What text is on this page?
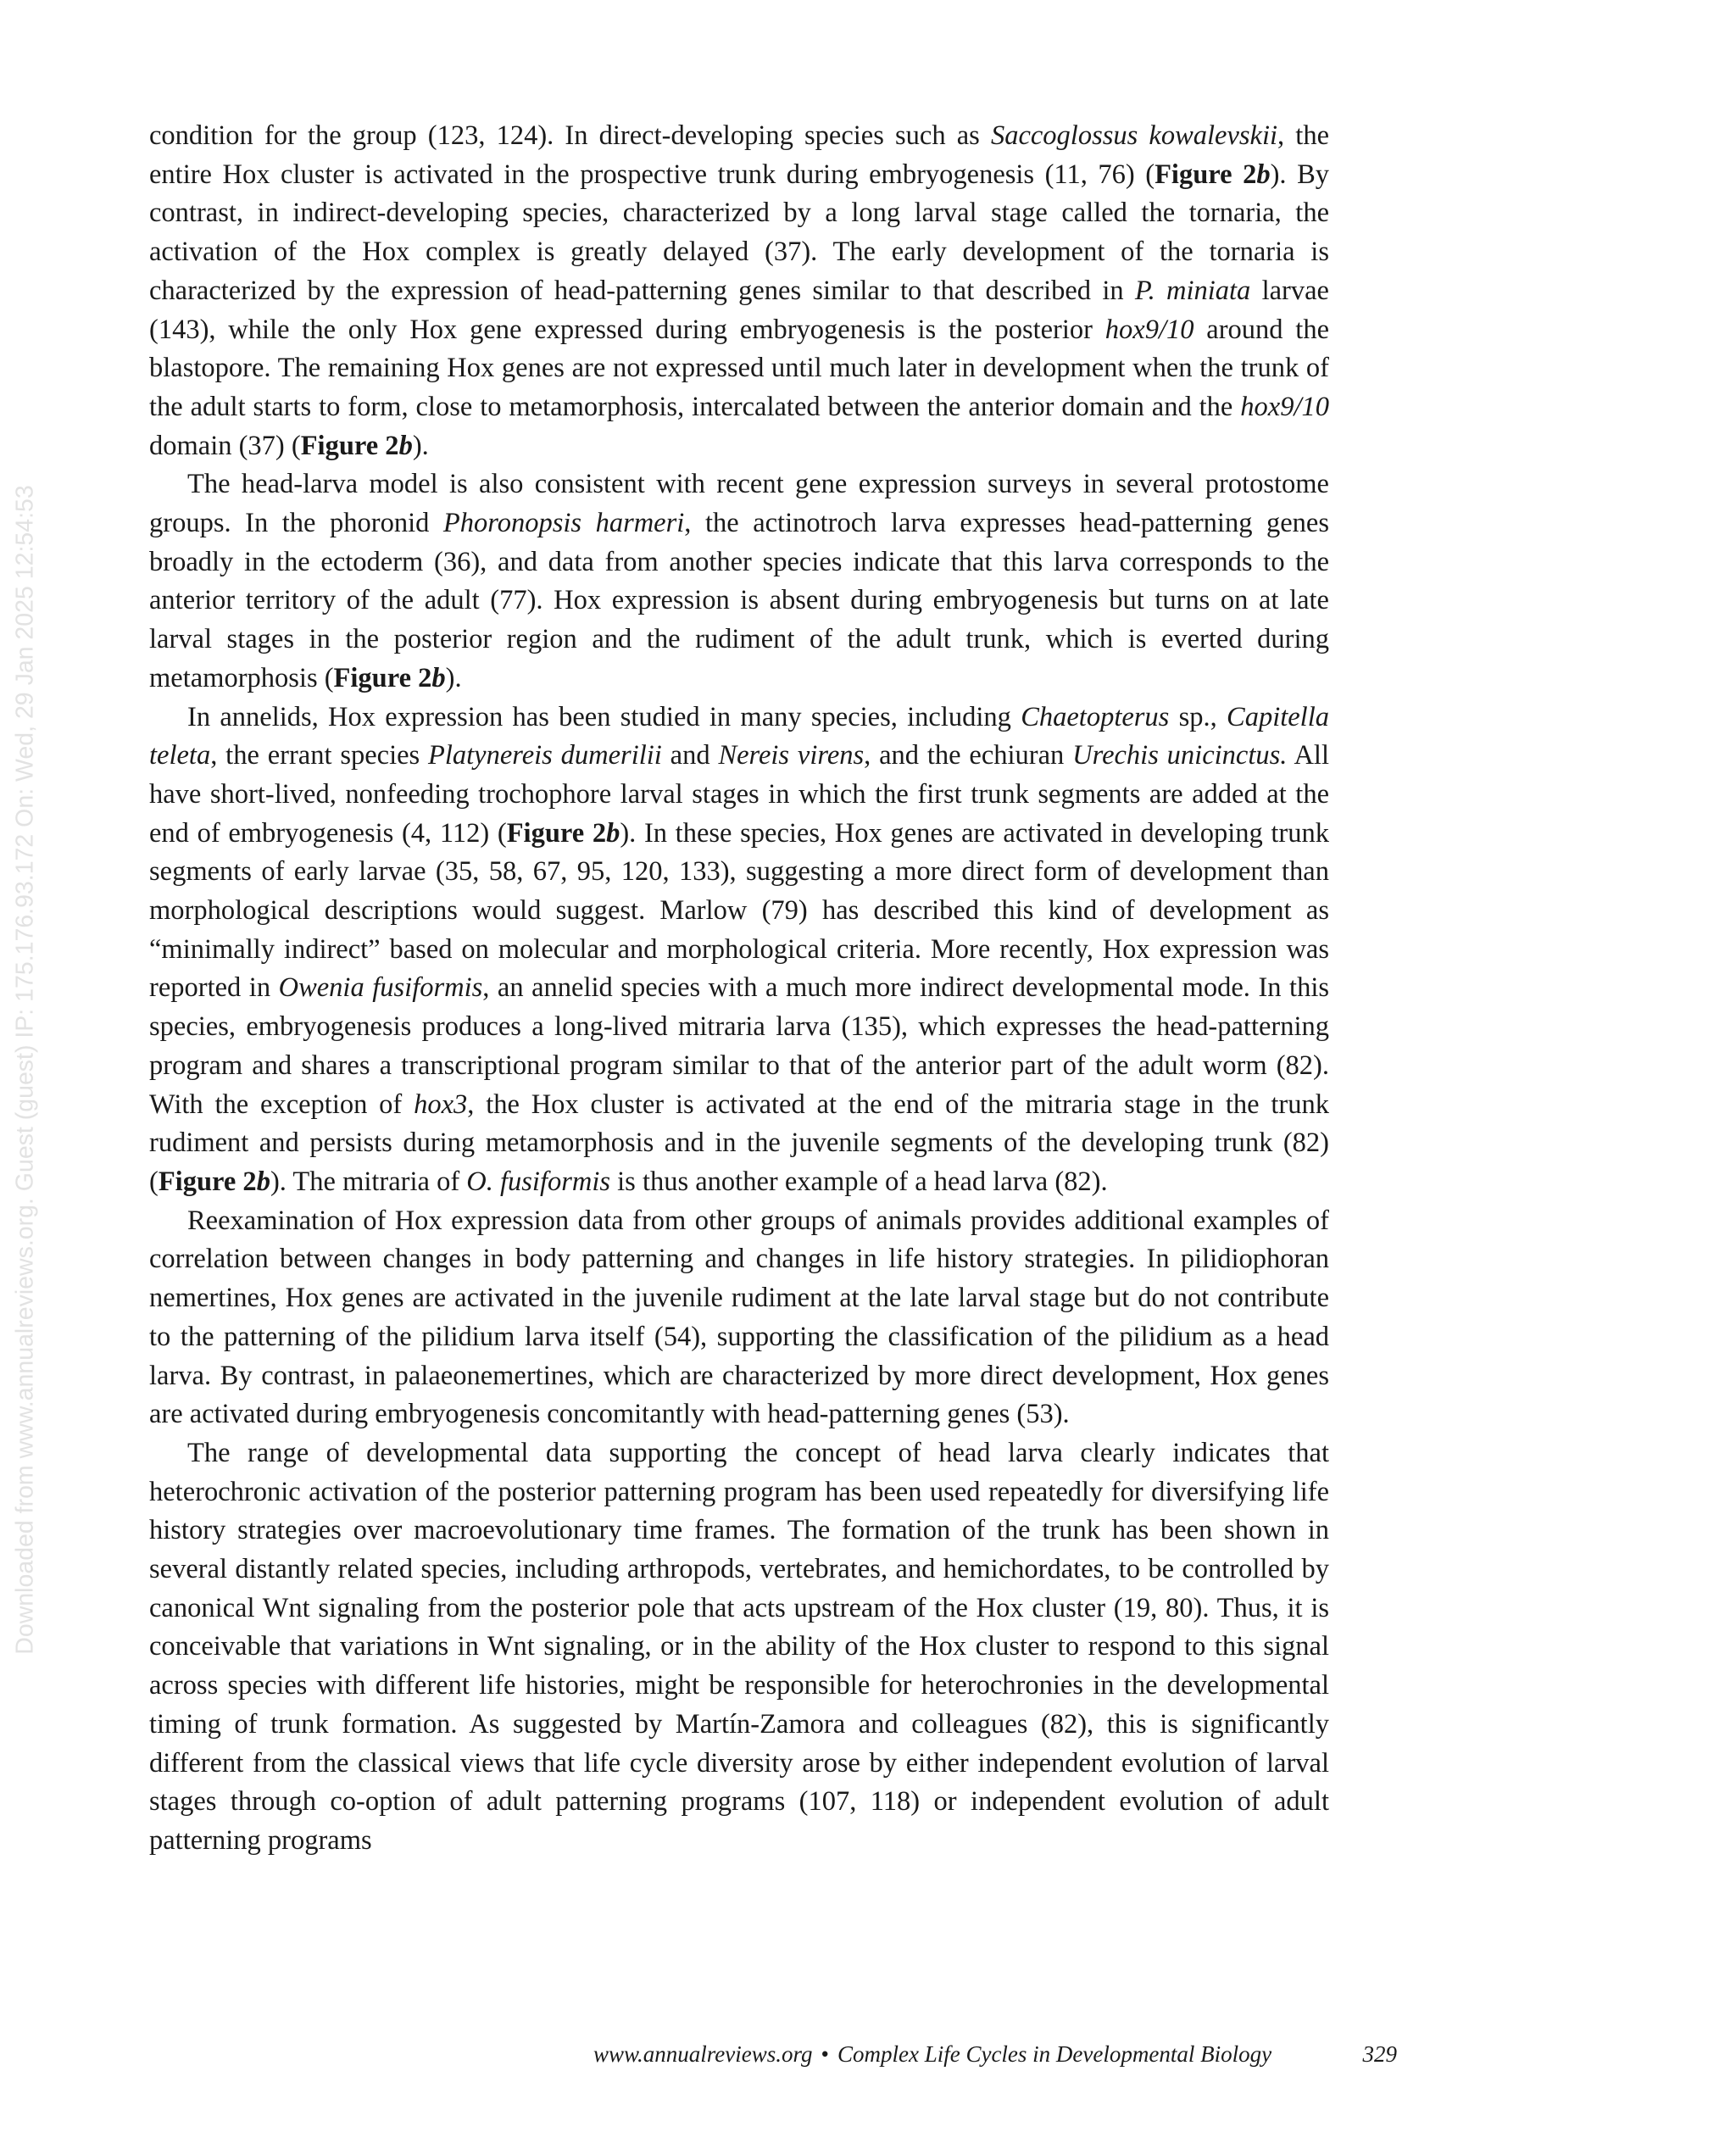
Downloaded from www.annualreviews.org. Guest (guest) IP: 175.176.93.172 On: Wed, 29 Jan 2025 12:54:53

condition for the group (123, 124). In direct-developing species such as Saccoglossus kowalevskii, the entire Hox cluster is activated in the prospective trunk during embryogenesis (11, 76) (Figure 2b). By contrast, in indirect-developing species, characterized by a long larval stage called the tornaria, the activation of the Hox complex is greatly delayed (37). The early development of the tornaria is characterized by the expression of head-patterning genes similar to that described in P. miniata larvae (143), while the only Hox gene expressed during embryogenesis is the posterior hox9/10 around the blastopore. The remaining Hox genes are not expressed until much later in development when the trunk of the adult starts to form, close to metamorphosis, intercalated between the anterior domain and the hox9/10 domain (37) (Figure 2b).

The head-larva model is also consistent with recent gene expression surveys in several protostome groups. In the phoronid Phoronopsis harmeri, the actinotroch larva expresses head-patterning genes broadly in the ectoderm (36), and data from another species indicate that this larva corresponds to the anterior territory of the adult (77). Hox expression is absent during embryogenesis but turns on at late larval stages in the posterior region and the rudiment of the adult trunk, which is everted during metamorphosis (Figure 2b).

In annelids, Hox expression has been studied in many species, including Chaetopterus sp., Capitella teleta, the errant species Platynereis dumerilii and Nereis virens, and the echiuran Urechis unicinctus. All have short-lived, nonfeeding trochophore larval stages in which the first trunk segments are added at the end of embryogenesis (4, 112) (Figure 2b). In these species, Hox genes are activated in developing trunk segments of early larvae (35, 58, 67, 95, 120, 133), suggesting a more direct form of development than morphological descriptions would suggest. Marlow (79) has described this kind of development as “minimally indirect” based on molecular and morphological criteria. More recently, Hox expression was reported in Owenia fusiformis, an annelid species with a much more indirect developmental mode. In this species, embryogenesis produces a long-lived mitraria larva (135), which expresses the head-patterning program and shares a transcriptional program similar to that of the anterior part of the adult worm (82). With the exception of hox3, the Hox cluster is activated at the end of the mitraria stage in the trunk rudiment and persists during metamorphosis and in the juvenile segments of the developing trunk (82) (Figure 2b). The mitraria of O. fusiformis is thus another example of a head larva (82).

Reexamination of Hox expression data from other groups of animals provides additional examples of correlation between changes in body patterning and changes in life history strategies. In pilidiophoran nemertines, Hox genes are activated in the juvenile rudiment at the late larval stage but do not contribute to the patterning of the pilidium larva itself (54), supporting the classification of the pilidium as a head larva. By contrast, in palaeonemertines, which are characterized by more direct development, Hox genes are activated during embryogenesis concomitantly with head-patterning genes (53).

The range of developmental data supporting the concept of head larva clearly indicates that heterochronic activation of the posterior patterning program has been used repeatedly for diversifying life history strategies over macroevolutionary time frames. The formation of the trunk has been shown in several distantly related species, including arthropods, vertebrates, and hemichordates, to be controlled by canonical Wnt signaling from the posterior pole that acts upstream of the Hox cluster (19, 80). Thus, it is conceivable that variations in Wnt signaling, or in the ability of the Hox cluster to respond to this signal across species with different life histories, might be responsible for heterochronies in the developmental timing of trunk formation. As suggested by Martín-Zamora and colleagues (82), this is significantly different from the classical views that life cycle diversity arose by either independent evolution of larval stages through co-option of adult patterning programs (107, 118) or independent evolution of adult patterning programs

www.annualreviews.org • Complex Life Cycles in Developmental Biology	329
